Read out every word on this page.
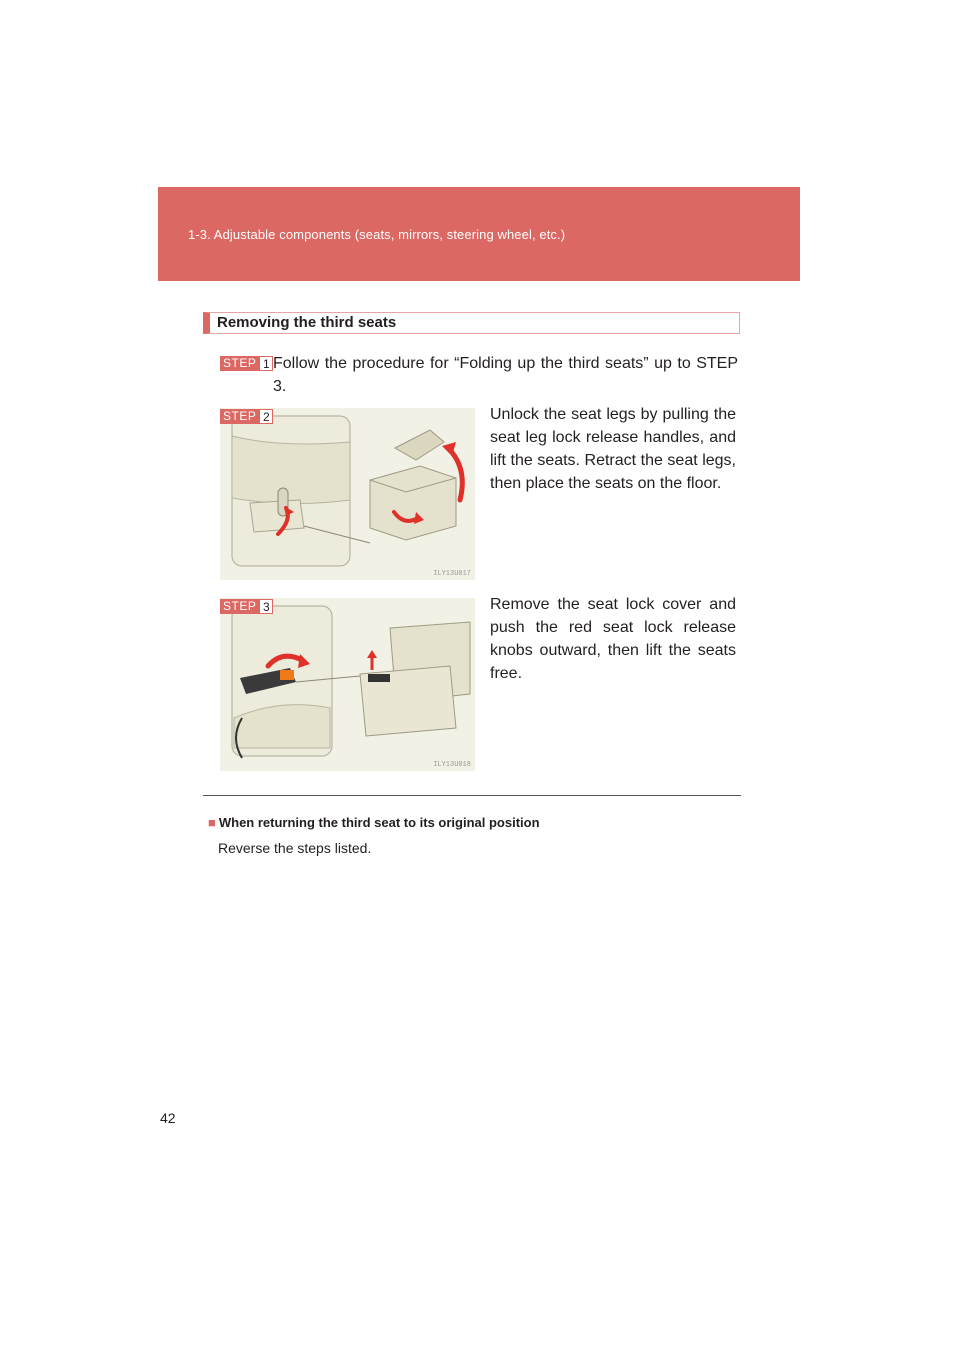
1-3. Adjustable components (seats, mirrors, steering wheel, etc.)
Removing the third seats
STEP 1 Follow the procedure for “Folding up the third seats” up to STEP 3.
ILY13U017
STEP 2	Unlock the seat legs by pulling the seat leg lock release handles, and lift the seats. Retract the seat legs, then place the seats on the floor.
ILY13U018
STEP 3	Remove the seat lock cover and push the red seat lock release knobs outward, then lift the seats free.
■ When returning the third seat to its original position
Reverse the steps listed.
42
